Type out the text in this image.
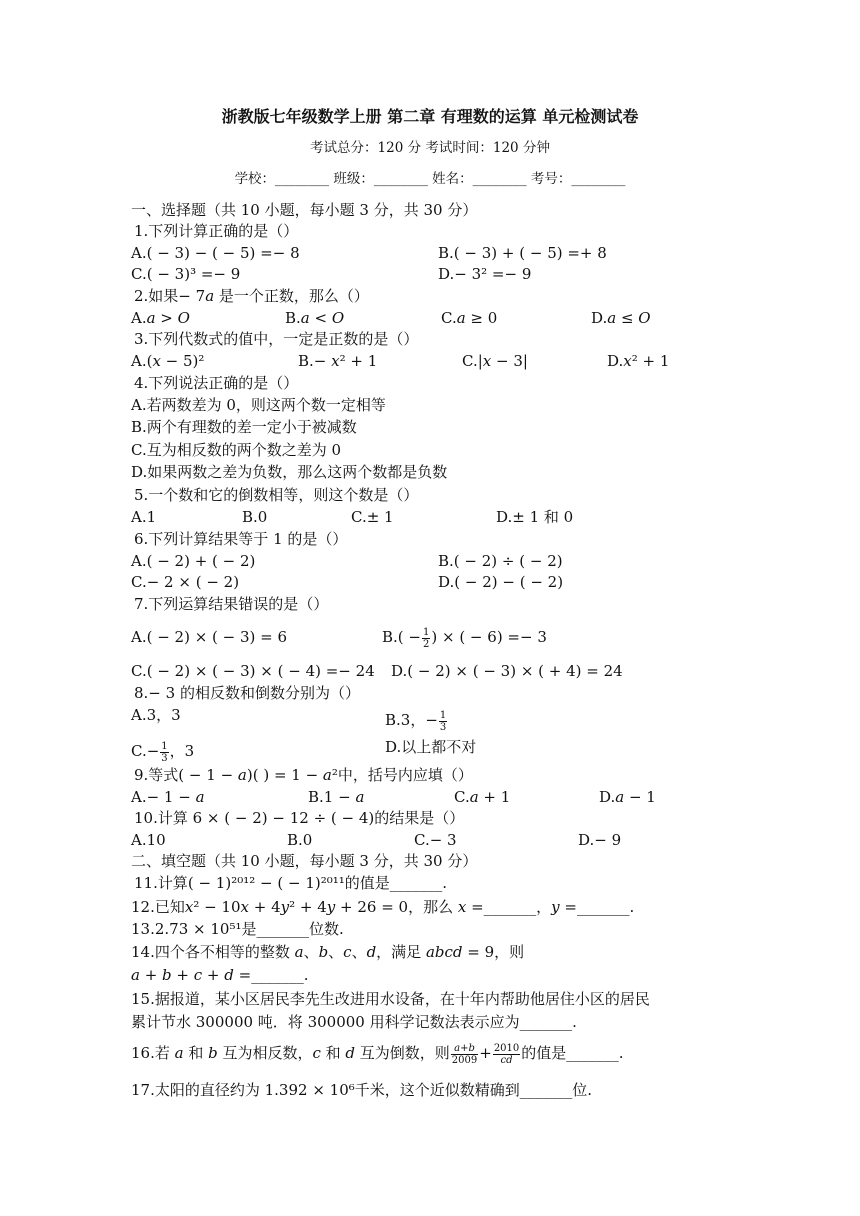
浙教版七年级数学上册 第二章 有理数的运算 单元检测试卷
考试总分：120 分 考试时间：120 分钟
学校：________ 班级：________ 姓名：________ 考号：________
一、选择题（共 10 小题，每小题 3 分，共 30 分）
1.下列计算正确的是（）
A.( − 3) − ( − 5) =− 8	B.( − 3) + ( − 5) =+ 8
C.( − 3)³ =− 9	D.− 3² =− 9
2.如果− 7𝑎 是一个正数，那么（）
A.𝑎 > 𝑂	B.𝑎 < 𝑂	C.𝑎 ≥ 0	D.𝑎 ≤ 𝑂
3.下列代数式的值中，一定是正数的是（）
A.(𝑥 − 5)²	B.− 𝑥² + 1	C.|𝑥 − 3|	D.𝑥² + 1
4.下列说法正确的是（）
A.若两数差为 0，则这两个数一定相等
B.两个有理数的差一定小于被减数
C.互为相反数的两个数之差为 0
D.如果两数之差为负数，那么这两个数都是负数
5.一个数和它的倒数相等，则这个数是（）
A.1	B.0	C.± 1	D.± 1 和 0
6.下列计算结果等于 1 的是（）
A.( − 2) + ( − 2)	B.( − 2) ÷ ( − 2)
C.− 2 × ( − 2)	D.( − 2) − ( − 2)
7.下列运算结果错误的是（）
A.( − 2) × ( − 3) = 6	$B.( - \frac{1}{2}$ ) × ( − 6) =− 3
C.( − 2) × ( − 3) × ( − 4) =− 24 D.( − 2) × ( − 3) × ( + 4) = 24
8.− 3 的相反数和倒数分别为（）
A.3，3	B.3，− $\frac{1}{3}$
$C.- \frac{1}{3}$ ，3	D.以上都不对
9.等式( − 1 − 𝑎)( ) = 1 − 𝑎²中，括号内应填（）
A.− 1 − 𝑎	B.1 − 𝑎	C.𝑎 + 1	D.𝑎 − 1
10.计算 6 × ( − 2) − 12 ÷ ( − 4)的结果是（）
A.10	B.0	C.− 3	D.− 9
二、填空题（共 10 小题，每小题 3 分，共 30 分）
11.计算( − 1)²⁰¹² − ( − 1)²⁰¹¹的值是_______.
12.已知𝑥² − 10𝑥 + 4𝑦² + 4𝑦 + 26 = 0，那么 𝑥 =_______，𝑦 =_______.
13.2.73 × 10⁵¹是_______位数.
14.四个各不相等的整数 𝑎、𝑏、𝑐、𝑑，满足 𝑎𝑏𝑐𝑑 = 9，则
𝑎 + 𝑏 + 𝑐 + 𝑑 =_______.
15.据报道，某小区居民李先生改进用水设备，在十年内帮助他居住小区的居民
累计节水 300000 吨．将 300000 用科学记数法表示应为_______.
16.若 𝑎 和 𝑏 互为相反数，𝑐 和 𝑑 互为倒数，则 $\frac{\text{𝑎+𝑏}}{2009} + \frac{2010}{\text{𝑐𝑑}}$ 的值是_______.
17.太阳的直径约为 1.392 × 10⁶千米，这个近似数精确到_______位.
